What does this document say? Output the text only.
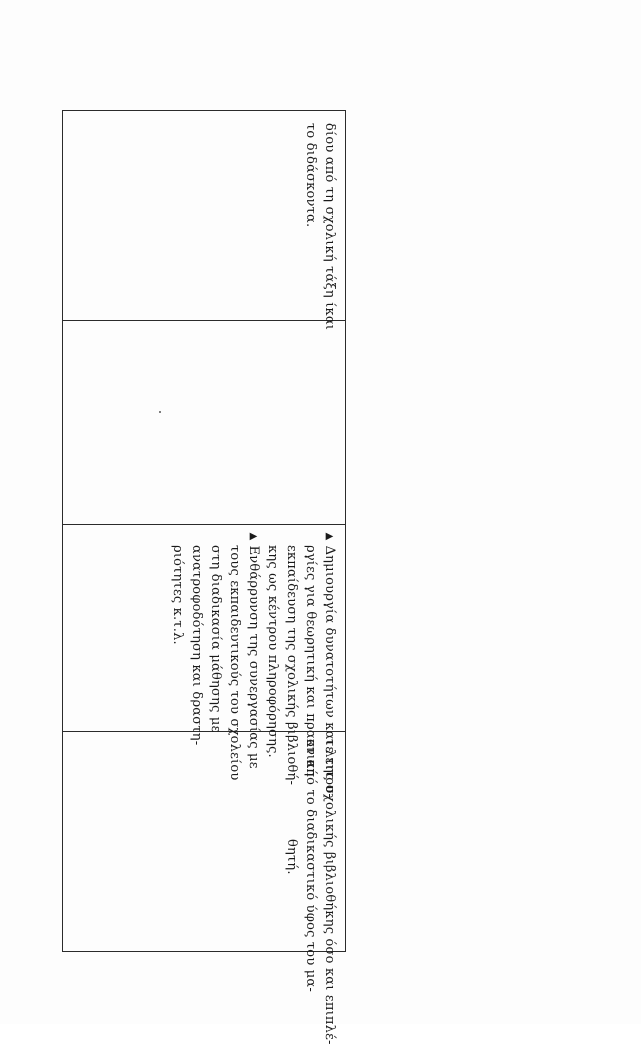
δίου από τη σχολική τάξη ίκαι
το διδάσκοντα.
▶ Δημιουργία δυνατοτήτων και λειτου-
ργίες για θεωρητική και πρακτική
εκπαίδευση της σχολικής βιβλιοθή-
κης ως κέντρου πληροφόρησης.
▶ Ενθάρρυνση της συνεργασίας με
τους εκπαιδευτικούς του σχολείου
στη διαδικασία μάθησης με
ανατροφοδότηση και δραστη-
ριότητες κ.τ.λ.
τε της σχολικής βιβλιοθήκης όσο και επιπλέ-
ον από το διαδικαστικό ύφος του μα-
θητή.
